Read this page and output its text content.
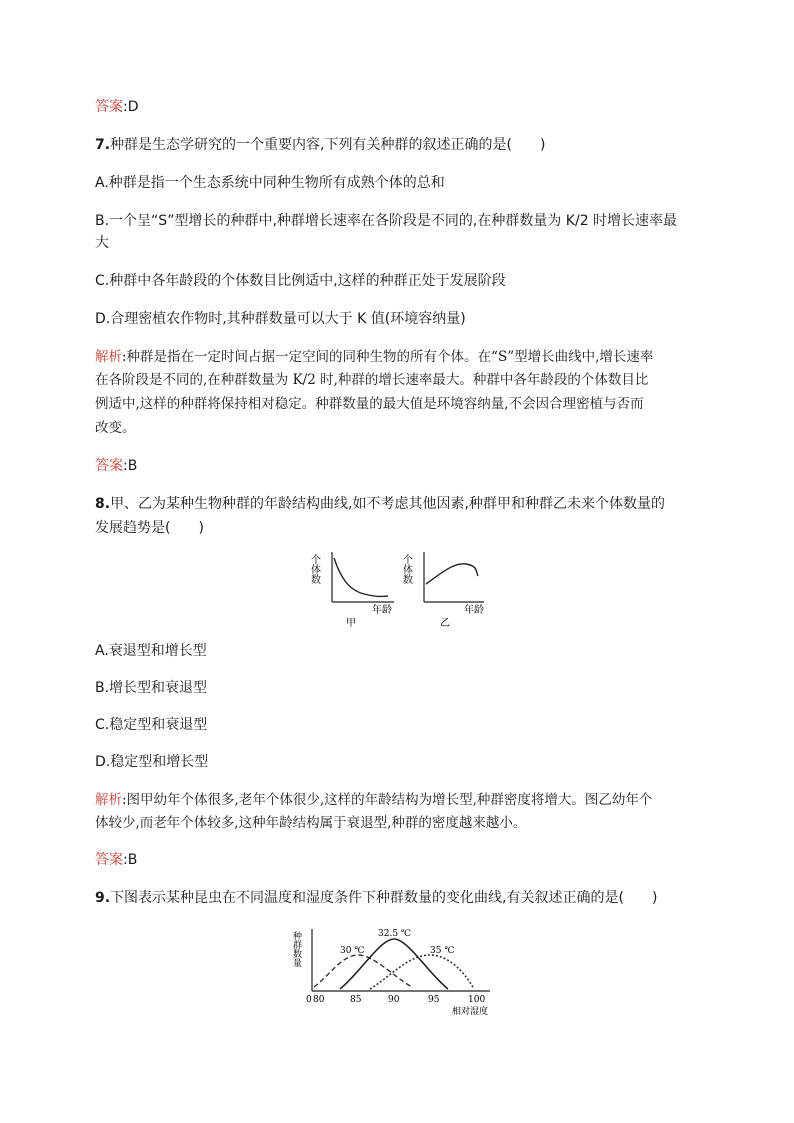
答案:D
7.种群是生态学研究的一个重要内容,下列有关种群的叙述正确的是(　　)
A.种群是指一个生态系统中同种生物所有成熟个体的总和
B.一个呈“S”型增长的种群中,种群增长速率在各阶段是不同的,在种群数量为 K/2 时增长速率最
大
C.种群中各年龄段的个体数目比例适中,这样的种群正处于发展阶段
D.合理密植农作物时,其种群数量可以大于 K 值(环境容纳量)
解析:种群是指在一定时间占据一定空间的同种生物的所有个体。在“S”型增长曲线中,增长速率
在各阶段是不同的,在种群数量为 K/2 时,种群的增长速率最大。种群中各年龄段的个体数目比
例适中,这样的种群将保持相对稳定。种群数量的最大值是环境容纳量,不会因合理密植与否而
改变。
答案:B
8.甲、乙为某种生物种群的年龄结构曲线,如不考虑其他因素,种群甲和种群乙未来个体数量的
发展趋势是(　　)
个体数
年龄
甲
个体数
年龄
乙
A.衰退型和增长型
B.增长型和衰退型
C.稳定型和衰退型
D.稳定型和增长型
解析:图甲幼年个体很多,老年个体很少,这样的年龄结构为增长型,种群密度将增大。图乙幼年个
体较少,而老年个体较多,这种年龄结构属于衰退型,种群的密度越来越小。
答案:B
9.下图表示某种昆虫在不同温度和湿度条件下种群数量的变化曲线,有关叙述正确的是(　　)
种群数量	30 ℃
32.5 ℃
35 ℃
0 80	85	90	95	100
相对湿度
